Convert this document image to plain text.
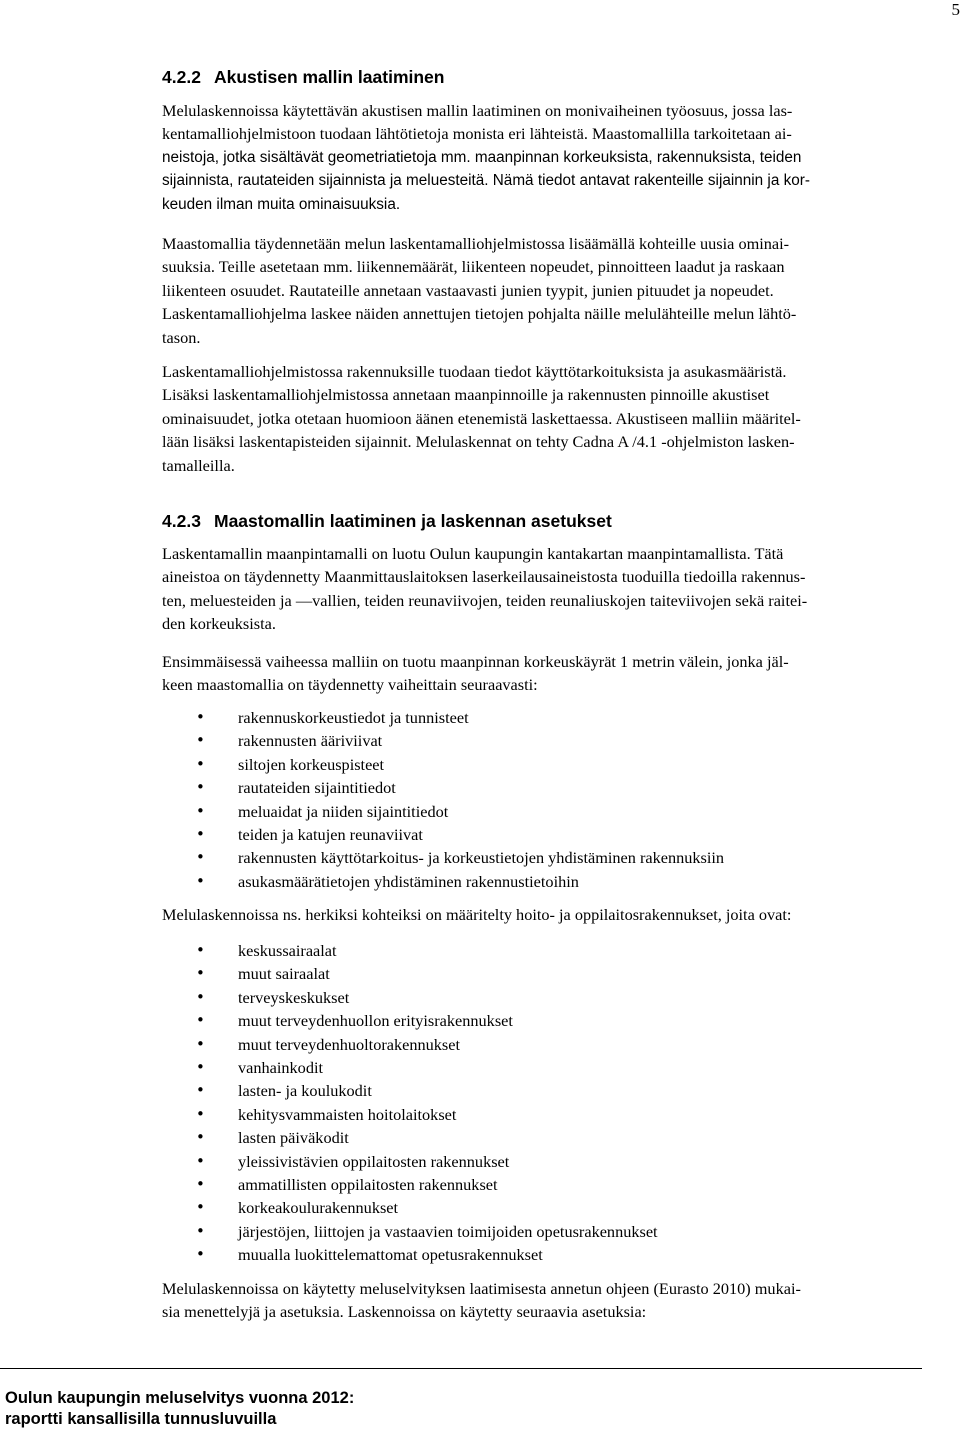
5
4.2.2 Akustisen mallin laatiminen
Melulaskennoissa käytettävän akustisen mallin laatiminen on monivaiheinen työosuus, jossa las-
kentamalliohjelmistoon tuodaan lähtötietoja monista eri lähteistä. Maastomallilla tarkoitetaan ai-
neistoja, jotka sisältävät geometriatietoja mm. maanpinnan korkeuksista, rakennuksista, teiden
sijainnista, rautateiden sijainnista ja meluesteitä. Nämä tiedot antavat rakenteille sijainnin ja kor-
keuden ilman muita ominaisuuksia.
Maastomallia täydennetään melun laskentamalliohjelmistossa lisäämällä kohteille uusia ominai-
suuksia. Teille asetetaan mm. liikennemäärät, liikenteen nopeudet, pinnoitteen laadut ja raskaan
liikenteen osuudet. Rautateille annetaan vastaavasti junien tyypit, junien pituudet ja nopeudet.
Laskentamalliohjelma laskee näiden annettujen tietojen pohjalta näille melulähteille melun lähtö-
tason.
Laskentamalliohjelmistossa rakennuksille tuodaan tiedot käyttötarkoituksista ja asukasmääristä.
Lisäksi laskentamalliohjelmistossa annetaan maanpinnoille ja rakennusten pinnoille akustiset
ominaisuudet, jotka otetaan huomioon äänen etenemistä laskettaessa. Akustiseen malliin määritel-
lään lisäksi laskentapisteiden sijainnit. Melulaskennat on tehty Cadna A /4.1 -ohjelmiston lasken-
tamalleilla.
4.2.3 Maastomallin laatiminen ja laskennan asetukset
Laskentamallin maanpintamalli on luotu Oulun kaupungin kantakartan maanpintamallista. Tätä
aineistoa on täydennetty Maanmittauslaitoksen laserkeilausaineistosta tuoduilla tiedoilla rakennus-
ten, meluesteiden ja —vallien, teiden reunaviivojen, teiden reunaliuskojen taiteviivojen sekä raitei-
den korkeuksista.
Ensimmäisessä vaiheessa malliin on tuotu maanpinnan korkeuskäyrät 1 metrin välein, jonka jäl-
keen maastomallia on täydennetty vaiheittain seuraavasti:
• rakennuskorkeustiedot ja tunnisteet
• rakennusten ääriviivat
• siltojen korkeuspisteet
• rautateiden sijaintitiedot
• meluaidat ja niiden sijaintitiedot
• teiden ja katujen reunaviivat
• rakennusten käyttötarkoitus- ja korkeustietojen yhdistäminen rakennuksiin
• asukasmäärätietojen yhdistäminen rakennustietoihin
Melulaskennoissa ns. herkiksi kohteiksi on määritelty hoito- ja oppilaitosrakennukset, joita ovat:
• keskussairaalat
• muut sairaalat
• terveyskeskukset
• muut terveydenhuollon erityisrakennukset
• muut terveydenhuoltorakennukset
• vanhainkodit
• lasten- ja koulukodit
• kehitysvammaisten hoitolaitokset
• lasten päiväkodit
• yleissivistävien oppilaitosten rakennukset
• ammatillisten oppilaitosten rakennukset
• korkeakoulurakennukset
• järjestöjen, liittojen ja vastaavien toimijoiden opetusrakennukset
• muualla luokittelemattomat opetusrakennukset
Melulaskennoissa on käytetty meluselvityksen laatimisesta annetun ohjeen (Eurasto 2010) mukai-
sia menettelyjä ja asetuksia. Laskennoissa on käytetty seuraavia asetuksia:
Oulun kaupungin meluselvitys vuonna 2012:
raportti kansallisilla tunnusluvuilla
